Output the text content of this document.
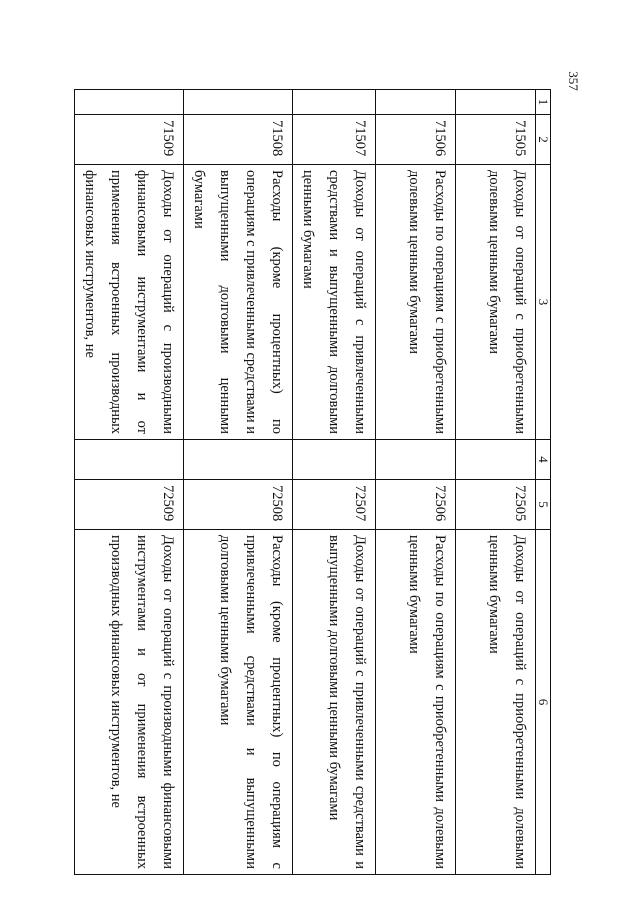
357
1	2	3	4	5	6
	71505	Доходы от операций с приобретенными долевыми ценными бумагами		72505	Доходы от операций с приобретенными долевыми ценными бумагами
	71506	Расходы по операциям с приобретенными долевыми ценными бумагами		72506	Расходы по операциям с приобретенными долевыми ценными бумагами
	71507	Доходы от операций с привлеченными средствами и выпущенными долговыми ценными бумагами		72507	Доходы от операций с привлеченными средствами и выпущенными долговыми ценными бумагами
	71508	Расходы (кроме процентных) по операциям с привлеченными средствами и выпущенными долговыми ценными бумагами		72508	Расходы (кроме процентных) по операциям с привлеченными средствами и выпущенными долговыми ценными бумагами
	71509	Доходы от операций с производными финансовыми инструментами и от применения встроенных производных финансовых инструментов, не		72509	Доходы от операций с производными финансовыми инструментами и от применения встроенных производных финансовых инструментов, не
